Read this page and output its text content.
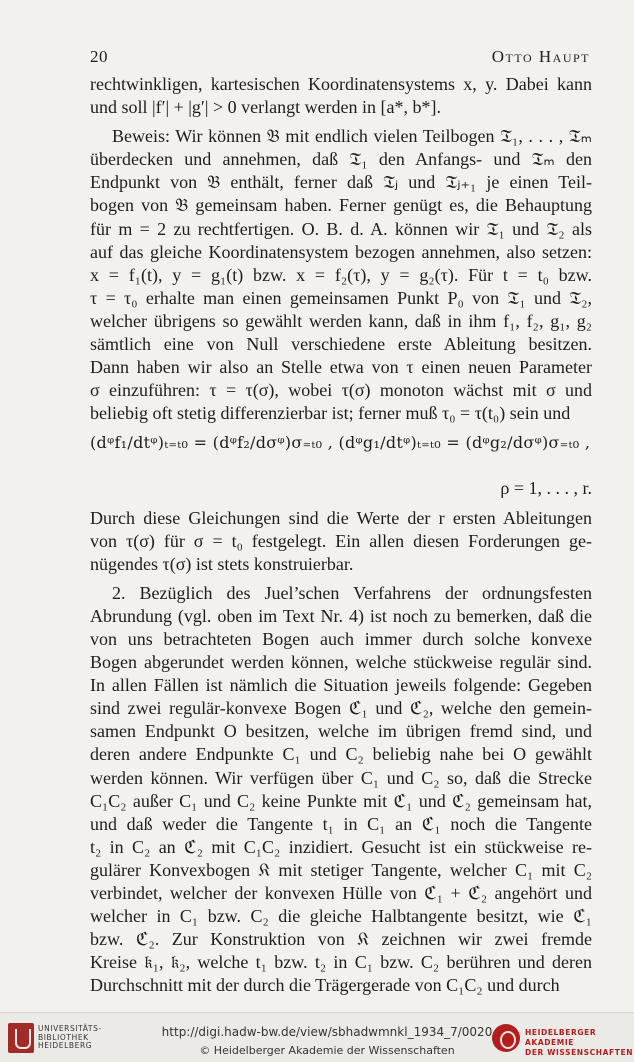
20	Otto Haupt
rechtwinkligen, kartesischen Koordinatensystems x, y. Dabei kann
und soll |f′| + |g′| > 0 verlangt werden in [a*, b*].
Beweis: Wir können 𝔅 mit endlich vielen Teilbogen 𝔗₁, . . . , 𝔗ₘ
überdecken und annehmen, daß 𝔗₁ den Anfangs- und 𝔗ₘ den
Endpunkt von 𝔅 enthält, ferner daß 𝔗ⱼ und 𝔗ⱼ₊₁ je einen Teil-
bogen von 𝔅 gemeinsam haben. Ferner genügt es, die Behauptung
für m = 2 zu rechtfertigen. O. B. d. A. können wir 𝔗₁ und 𝔗₂ als
auf das gleiche Koordinatensystem bezogen annehmen, also setzen:
x = f₁(t), y = g₁(t) bzw. x = f₂(τ), y = g₂(τ). Für t = t₀ bzw.
τ = τ₀ erhalte man einen gemeinsamen Punkt P₀ von 𝔗₁ und 𝔗₂,
welcher übrigens so gewählt werden kann, daß in ihm f₁, f₂, g₁, g₂
sämtlich eine von Null verschiedene erste Ableitung besitzen.
Dann haben wir also an Stelle etwa von τ einen neuen Parameter
σ einzuführen: τ = τ(σ), wobei τ(σ) monoton wächst mit σ und
beliebig oft stetig differenzierbar ist; ferner muß τ₀ = τ(t₀) sein und
(dᵠf₁/dtᵠ)ₜ₌ₜ₀ = (dᵠf₂/dσᵠ)σ₌ₜ₀ , (dᵠg₁/dtᵠ)ₜ₌ₜ₀ = (dᵠg₂/dσᵠ)σ₌ₜ₀ ,
ρ = 1, . . . , r.
Durch diese Gleichungen sind die Werte der r ersten Ableitungen
von τ(σ) für σ = t₀ festgelegt. Ein allen diesen Forderungen ge-
nügendes τ(σ) ist stets konstruierbar.
2. Bezüglich des Juel’schen Verfahrens der ordnungsfesten
Abrundung (vgl. oben im Text Nr. 4) ist noch zu bemerken, daß die
von uns betrachteten Bogen auch immer durch solche konvexe
Bogen abgerundet werden können, welche stückweise regulär sind.
In allen Fällen ist nämlich die Situation jeweils folgende: Gegeben
sind zwei regulär-konvexe Bogen ℭ₁ und ℭ₂, welche den gemein-
samen Endpunkt O besitzen, welche im übrigen fremd sind, und
deren andere Endpunkte C₁ und C₂ beliebig nahe bei O gewählt
werden können. Wir verfügen über C₁ und C₂ so, daß die Strecke
C₁C₂ außer C₁ und C₂ keine Punkte mit ℭ₁ und ℭ₂ gemeinsam hat,
und daß weder die Tangente t₁ in C₁ an ℭ₁ noch die Tangente
t₂ in C₂ an ℭ₂ mit C₁C₂ inzidiert. Gesucht ist ein stückweise re-
gulärer Konvexbogen 𝔎 mit stetiger Tangente, welcher C₁ mit C₂
verbindet, welcher der konvexen Hülle von ℭ₁ + ℭ₂ angehört und
welcher in C₁ bzw. C₂ die gleiche Halbtangente besitzt, wie ℭ₁
bzw. ℭ₂. Zur Konstruktion von 𝔎 zeichnen wir zwei fremde
Kreise 𝔨₁, 𝔨₂, welche t₁ bzw. t₂ in C₁ bzw. C₂ berühren und deren
Durchschnitt mit der durch die Trägergerade von C₁C₂ und durch
UNIVERSITÄTS-
BIBLIOTHEK
HEIDELBERG
http://digi.hadw-bw.de/view/sbhadwmnkl_1934_7/0020
© Heidelberger Akademie der Wissenschaften
HEIDELBERGER AKADEMIE
DER WISSENSCHAFTEN
